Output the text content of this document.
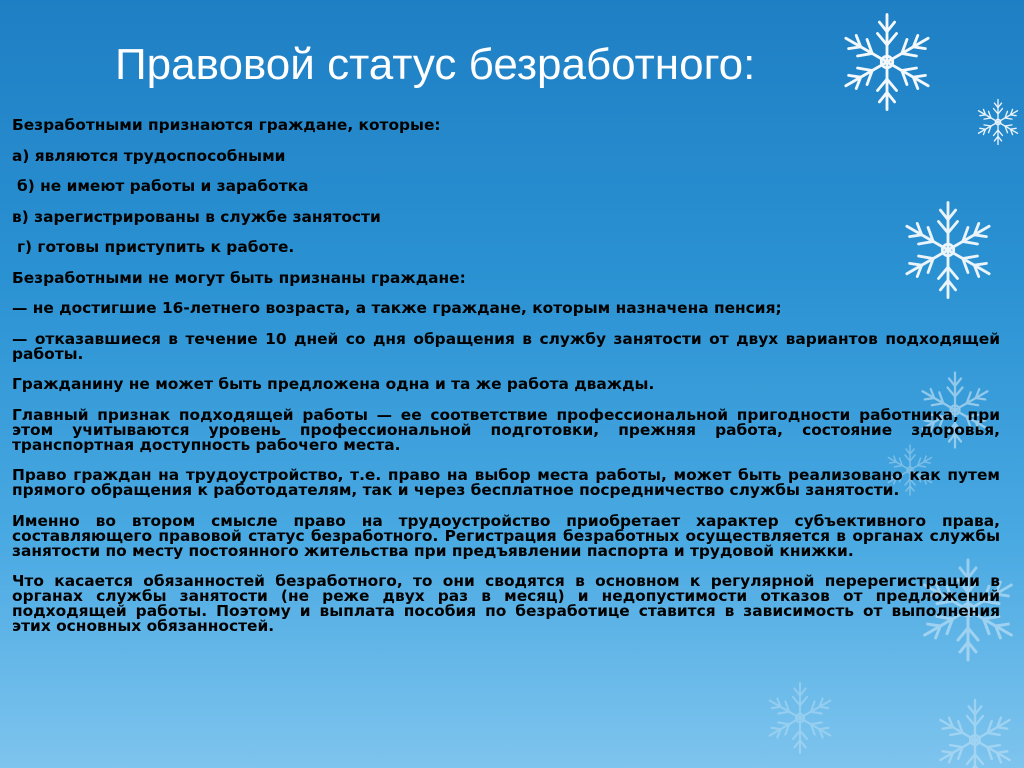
Правовой статус безработного:

Безработными признаются граждане, которые:

а) являются трудоспособными

б) не имеют работы и заработка

в) зарегистрированы в службе занятости

г) готовы приступить к работе.

Безработными не могут быть признаны граждане:

— не достигшие 16-летнего возраста, а также граждане, которым назначена пенсия;

— отказавшиеся в течение 10 дней со дня обращения в службу занятости от двух вариантов подходящей работы.

Гражданину не может быть предложена одна и та же работа дважды.

Главный признак подходящей работы — ее соответствие профессиональной пригодности работника, при этом учитываются уровень профессиональной подготовки, прежняя работа, состояние здоровья, транспортная доступность рабочего места.

Право граждан на трудоустройство, т.е. право на выбор места работы, может быть реализовано как путем прямого обращения к работодателям, так и через бесплатное посредничество службы занятости.

Именно во втором смысле право на трудоустройство приобретает характер субъективного права, составляющего правовой статус безработного. Регистрация безработных осуществляется в органах службы занятости по месту постоянного жительства при предъявлении паспорта и трудовой книжки.

Что касается обязанностей безработного, то они сводятся в основном к регулярной перерегистрации в органах службы занятости (не реже двух раз в месяц) и недопустимости отказов от предложений подходящей работы. Поэтому и выплата пособия по безработице ставится в зависимость от выполнения этих основных обязанностей.
